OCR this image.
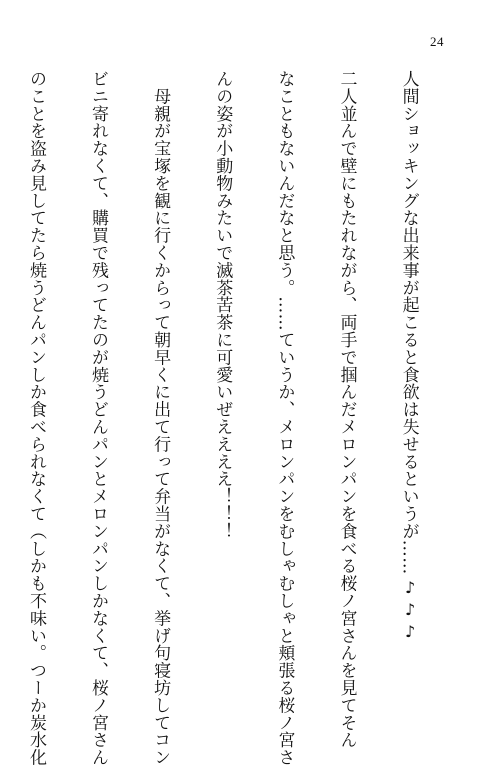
24
♪
♪
♪

人間ショッキングな出来事が起こると食欲は失せるというが……

二人並んで壁にもたれながら、両手で掴んだメロンパンを食べる桜ノ宮さんを見てそん

なこともないんだなと思う。……ていうか、メロンパンをむしゃむしゃと頬張る桜ノ宮さ

んの姿が小動物みたいで滅茶苦茶に可愛いぜええええ！！！

　母親が宝塚を観に行くからって朝早くに出て行って弁当がなくて、挙げ句寝坊してコン

ビニ寄れなくて、購買で残ってたのが焼うどんパンとメロンパンしかなくて、桜ノ宮さん

のことを盗み見してたら焼うどんパンしか食べられなくて（しかも不味い。つーか炭水化
